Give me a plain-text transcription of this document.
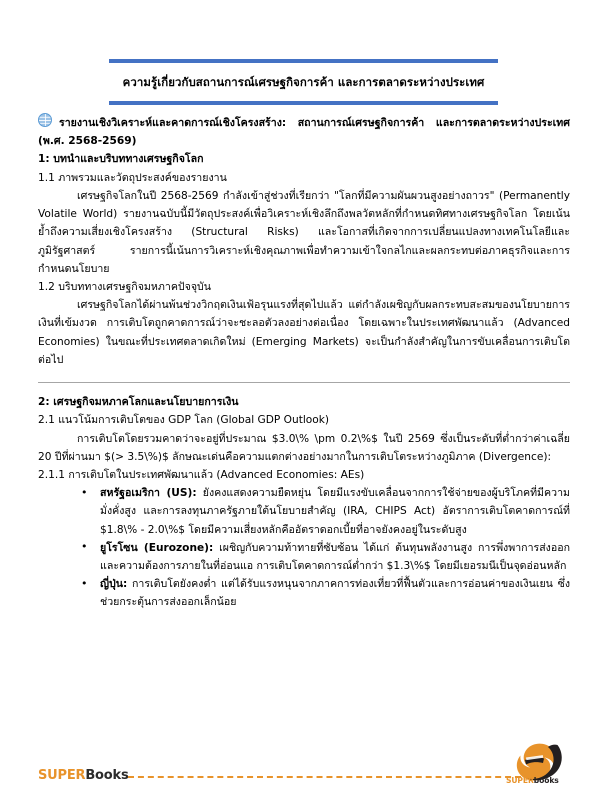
ความรู้เกี่ยวกับสถานการณ์เศรษฐกิจการค้า และการตลาดระหว่างประเทศ
รายงานเชิงวิเคราะห์และคาดการณ์เชิงโครงสร้าง: สถานการณ์เศรษฐกิจการค้า และการตลาดระหว่างประเทศ (พ.ศ. 2568-2569)
1: บทนำและบริบททางเศรษฐกิจโลก
1.1 ภาพรวมและวัตถุประสงค์ของรายงาน
เศรษฐกิจโลกในปี 2568-2569 กำลังเข้าสู่ช่วงที่เรียกว่า "โลกที่มีความผันผวนสูงอย่างถาวร" (Permanently Volatile World) รายงานฉบับนี้มีวัตถุประสงค์เพื่อวิเคราะห์เชิงลึกถึงพลวัตหลักที่กำหนดทิศทางเศรษฐกิจโลก โดยเน้นย้ำถึงความเสี่ยงเชิงโครงสร้าง (Structural Risks) และโอกาสที่เกิดจากการเปลี่ยนแปลงทางเทคโนโลยีและภูมิรัฐศาสตร์ รายการนี้เน้นการวิเคราะห์เชิงคุณภาพเพื่อทำความเข้าใจกลไกและผลกระทบต่อภาคธุรกิจและการกำหนดนโยบาย
1.2 บริบททางเศรษฐกิจมหภาคปัจจุบัน
เศรษฐกิจโลกได้ผ่านพ้นช่วงวิกฤตเงินเฟ้อรุนแรงที่สุดไปแล้ว แต่กำลังเผชิญกับผลกระทบสะสมของนโยบายการเงินที่เข้มงวด การเติบโตถูกคาดการณ์ว่าจะชะลอตัวลงอย่างต่อเนื่อง โดยเฉพาะในประเทศพัฒนาแล้ว (Advanced Economies) ในขณะที่ประเทศตลาดเกิดใหม่ (Emerging Markets) จะเป็นกำลังสำคัญในการขับเคลื่อนการเติบโตต่อไป
2: เศรษฐกิจมหภาคโลกและนโยบายการเงิน
2.1 แนวโน้มการเติบโตของ GDP โลก (Global GDP Outlook)
การเติบโตโดยรวมคาดว่าจะอยู่ที่ประมาณ $3.0\% \pm 0.2\%$ ในปี 2569 ซึ่งเป็นระดับที่ต่ำกว่าค่าเฉลี่ย 20 ปีที่ผ่านมา $(> 3.5\%)$ ลักษณะเด่นคือความแตกต่างอย่างมากในการเติบโตระหว่างภูมิภาค (Divergence):
2.1.1 การเติบโตในประเทศพัฒนาแล้ว (Advanced Economies: AEs)
• สหรัฐอเมริกา (US): ยังคงแสดงความยืดหยุ่น โดยมีแรงขับเคลื่อนจากการใช้จ่ายของผู้บริโภคที่มีความมั่งคั่งสูง และการลงทุนภาครัฐภายใต้นโยบายสำคัญ (IRA, CHIPS Act) อัตราการเติบโตคาดการณ์ที่ $1.8\% - 2.0\%$ โดยมีความเสี่ยงหลักคืออัตราดอกเบี้ยที่อาจยังคงอยู่ในระดับสูง
• ยูโรโซน (Eurozone): เผชิญกับความท้าทายที่ซับซ้อน ได้แก่ ต้นทุนพลังงานสูง การพึ่งพาการส่งออก และความต้องการภายในที่อ่อนแอ การเติบโตคาดการณ์ต่ำกว่า $1.3\%$ โดยมีเยอรมนีเป็นจุดอ่อนหลัก
• ญี่ปุ่น: การเติบโตยังคงต่ำ แต่ได้รับแรงหนุนจากภาคการท่องเที่ยวที่ฟื้นตัวและการอ่อนค่าของเงินเยน ซึ่งช่วยกระตุ้นการส่งออกเล็กน้อย
SUPERBooks	SUPERbooks
